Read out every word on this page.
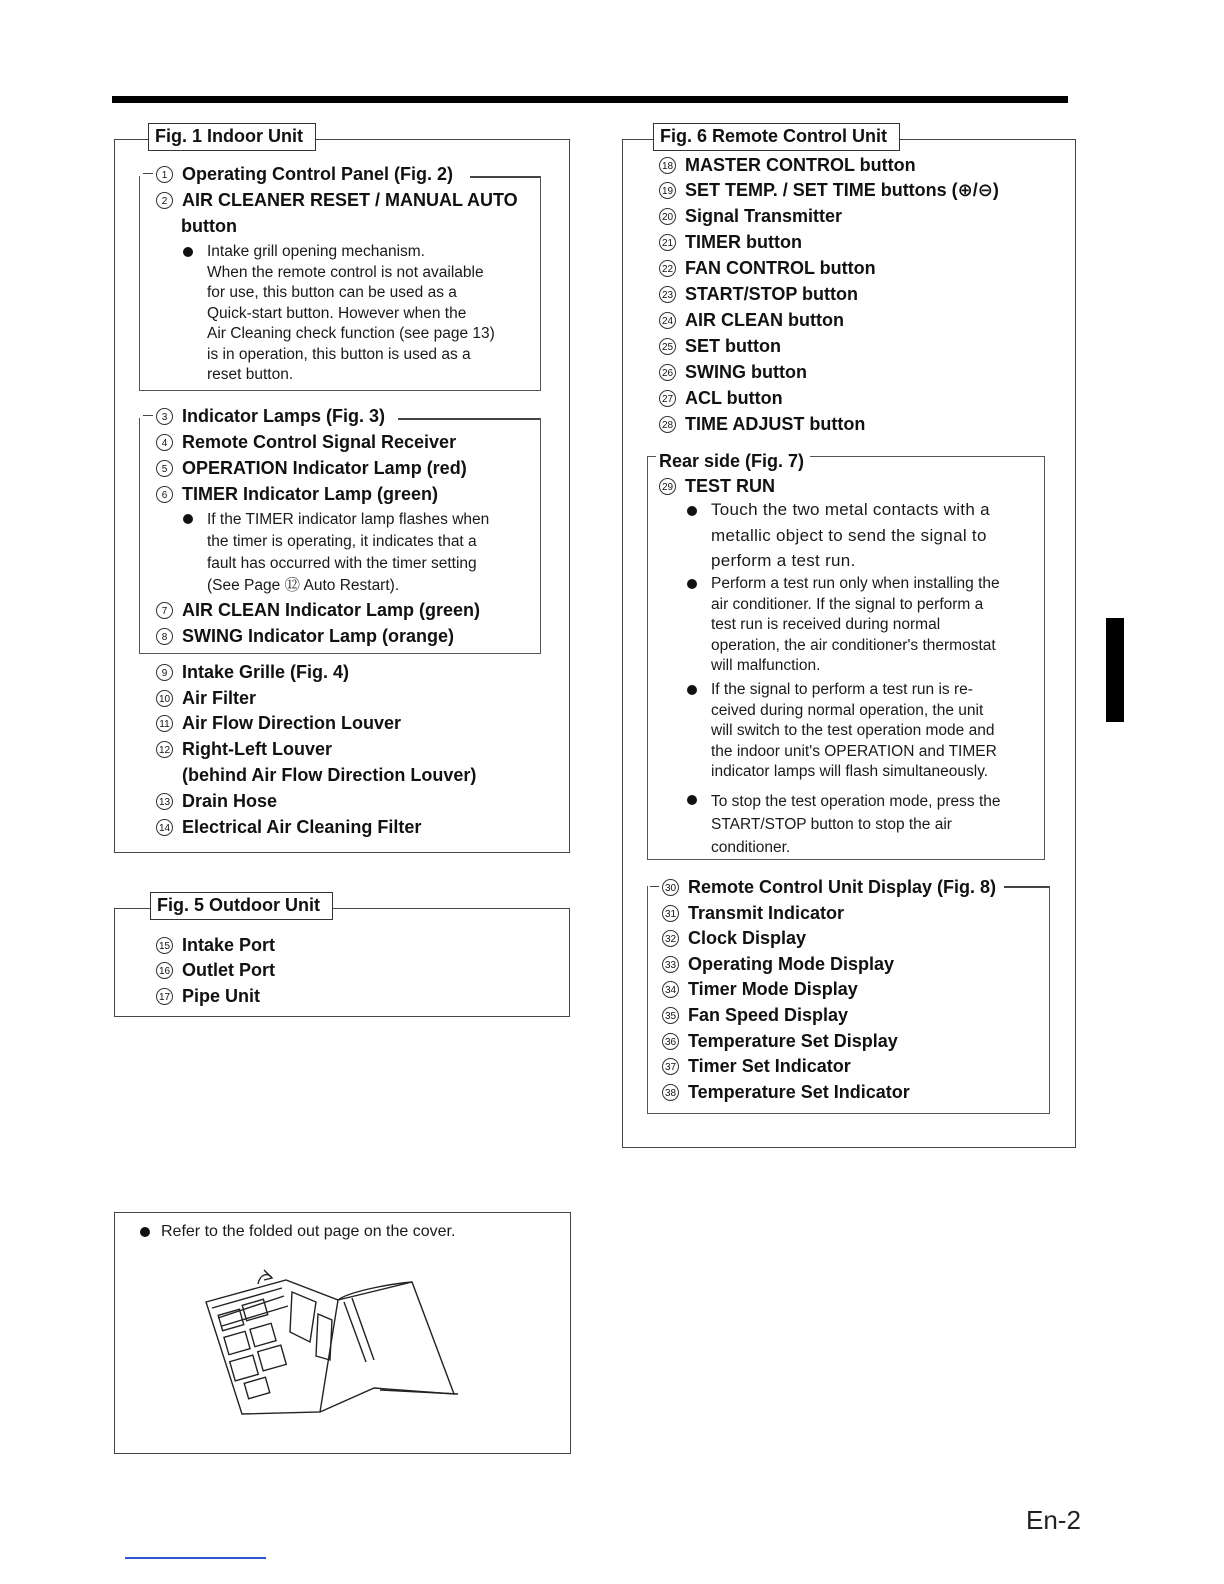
En-2
Fig. 1 Indoor Unit
1 Operating Control Panel (Fig. 2)
2 AIR CLEANER RESET / MANUAL AUTO
button
Intake grill opening mechanism.
When the remote control is not available
for use, this button can be used as a
Quick-start button. However when the
Air Cleaning check function (see page 13)
is in operation, this button is used as a
reset button.
3 Indicator Lamps (Fig. 3)
4 Remote Control Signal Receiver
5 OPERATION Indicator Lamp (red)
6 TIMER Indicator Lamp (green)
If the TIMER indicator lamp flashes when
the timer is operating, it indicates that a
fault has occurred with the timer setting
(See Page ⑫ Auto Restart).
7 AIR CLEAN Indicator Lamp (green)
8 SWING Indicator Lamp (orange)
9 Intake Grille (Fig. 4)
10 Air Filter
11 Air Flow Direction Louver
12 Right-Left Louver
(behind Air Flow Direction Louver)
13 Drain Hose
14 Electrical Air Cleaning Filter
Fig. 5 Outdoor Unit
15 Intake Port
16 Outlet Port
17 Pipe Unit
Refer to the folded out page on the cover.
Fig. 6 Remote Control Unit
18 MASTER CONTROL button
19 SET TEMP. / SET TIME buttons (⊕/⊖)
20 Signal Transmitter
21 TIMER button
22 FAN CONTROL button
23 START/STOP button
24 AIR CLEAN button
25 SET button
26 SWING button
27 ACL button
28 TIME ADJUST button
Rear side (Fig. 7)
29 TEST RUN
Touch the two metal contacts with a
metallic object to send the signal to
perform a test run.
Perform a test run only when installing the
air conditioner. If the signal to perform a
test run is received during normal
operation, the air conditioner's thermostat
will malfunction.
If the signal to perform a test run is re-
ceived during normal operation, the unit
will switch to the test operation mode and
the indoor unit's OPERATION and TIMER
indicator lamps will flash simultaneously.
To stop the test operation mode, press the
START/STOP button to stop the air
conditioner.
30 Remote Control Unit Display (Fig. 8)
31 Transmit Indicator
32 Clock Display
33 Operating Mode Display
34 Timer Mode Display
35 Fan Speed Display
36 Temperature Set Display
37 Timer Set Indicator
38 Temperature Set Indicator
